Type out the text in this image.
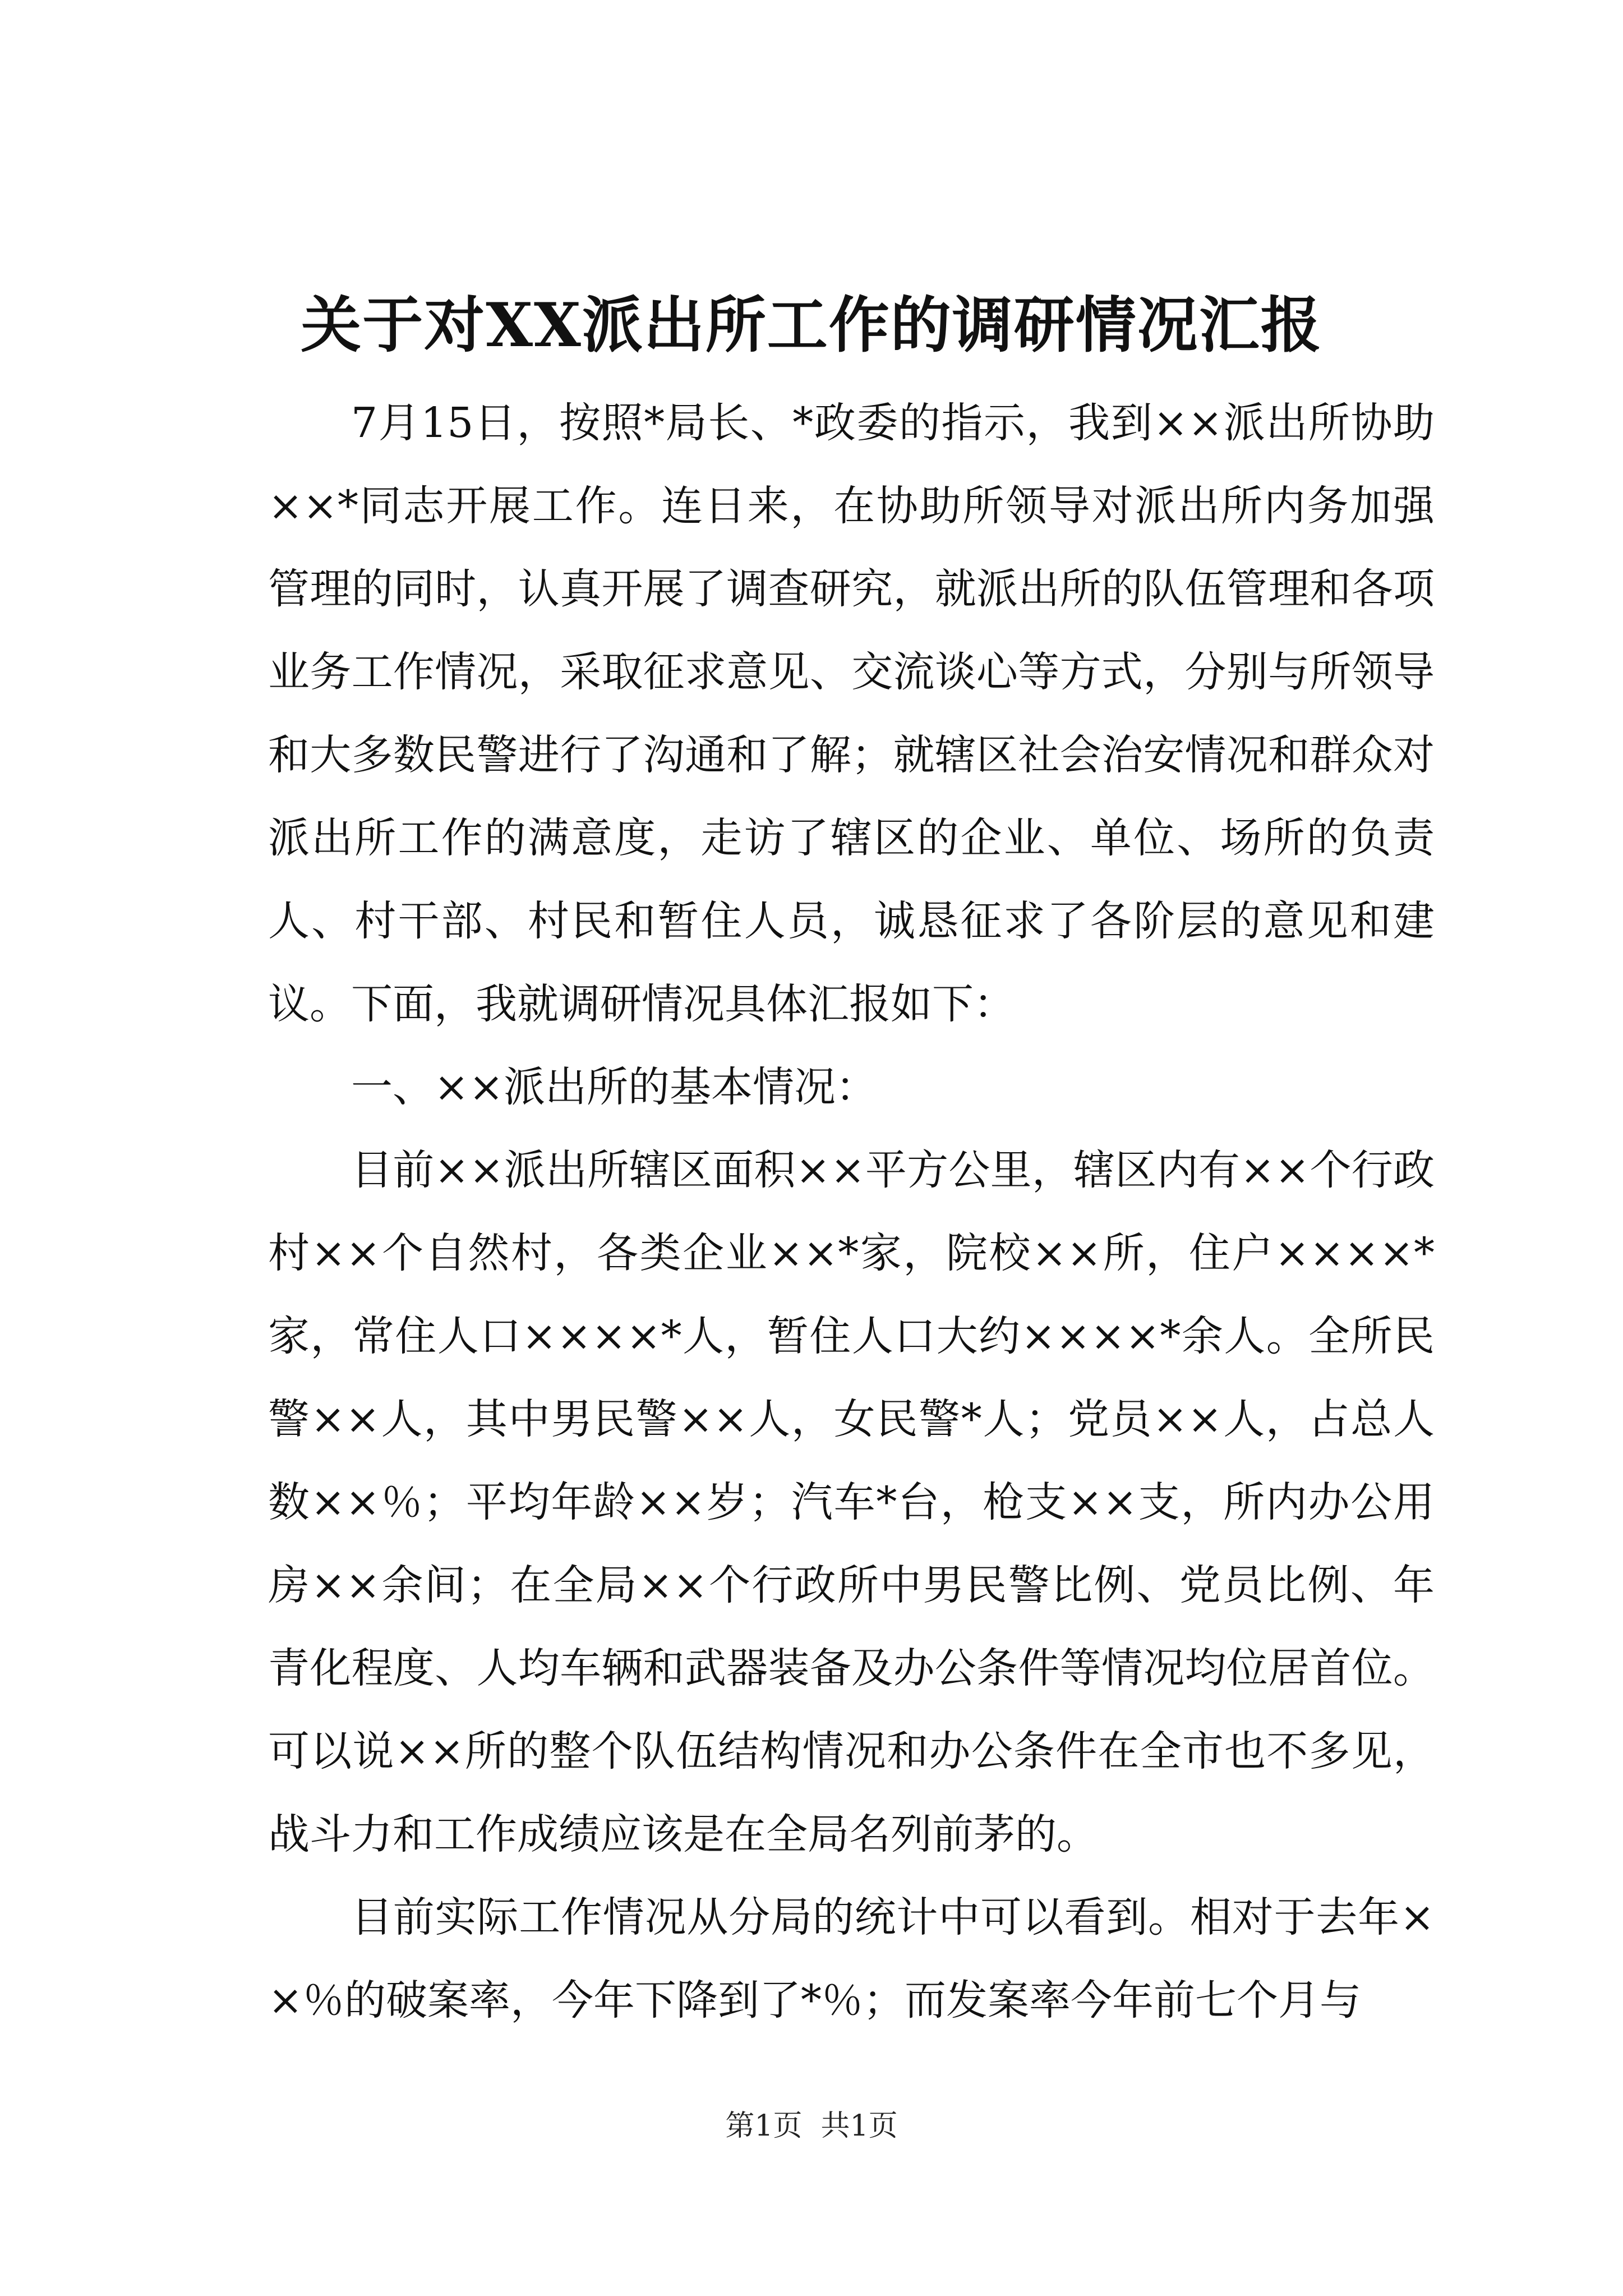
关于对XX派出所工作的调研情况汇报

7月15日，按照*局长、*政委的指示，我到××派出所协助××*同志开展工作。连日来，在协助所领导对派出所内务加强管理的同时，认真开展了调查研究，就派出所的队伍管理和各项业务工作情况，采取征求意见、交流谈心等方式，分别与所领导和大多数民警进行了沟通和了解；就辖区社会治安情况和群众对派出所工作的满意度，走访了辖区的企业、单位、场所的负责人、村干部、村民和暂住人员，诚恳征求了各阶层的意见和建议。下面，我就调研情况具体汇报如下：

一、××派出所的基本情况：

目前××派出所辖区面积××平方公里，辖区内有××个行政村××个自然村，各类企业××*家，院校××所，住户××××*家，常住人口××××*人，暂住人口大约××××*余人。全所民警××人，其中男民警××人，女民警*人；党员××人，占总人数××％；平均年龄××岁；汽车*台，枪支××支，所内办公用房××余间；在全局××个行政所中男民警比例、党员比例、年青化程度、人均车辆和武器装备及办公条件等情况均位居首位。可以说××所的整个队伍结构情况和办公条件在全市也不多见，战斗力和工作成绩应该是在全局名列前茅的。

目前实际工作情况从分局的统计中可以看到。相对于去年××％的破案率，今年下降到了*％；而发案率今年前七个月与

第1页  共1页
